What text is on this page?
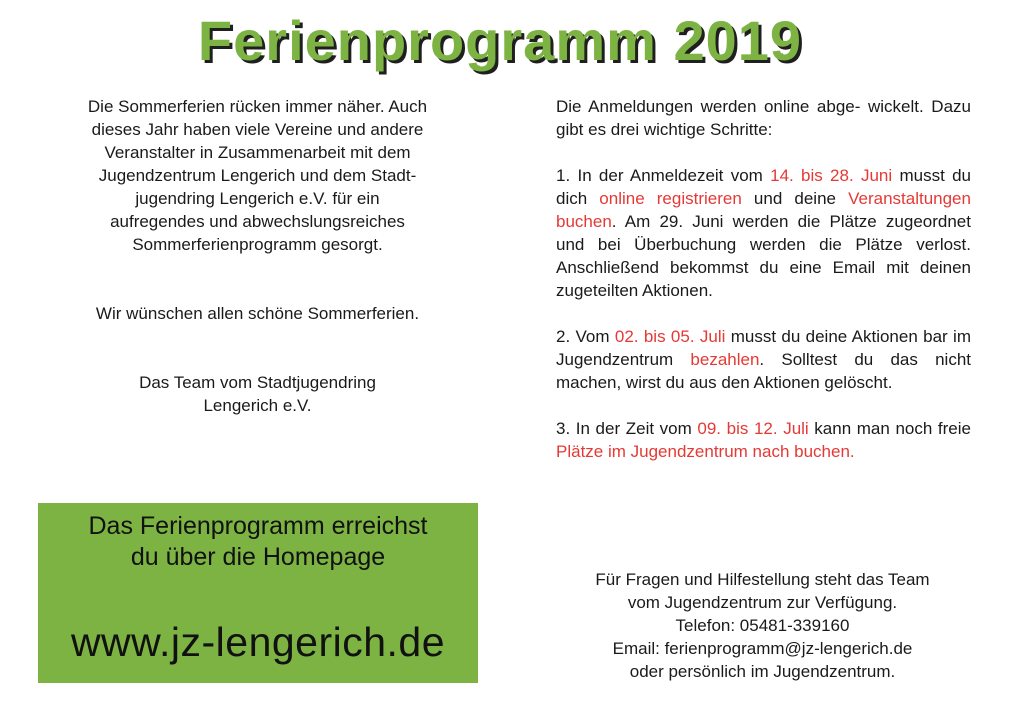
Ferienprogramm 2019

Die Sommerferien rücken immer näher. Auch
dieses Jahr haben viele Vereine und andere
Veranstalter in Zusammenarbeit mit dem
Jugendzentrum Lengerich und dem Stadt-
jugendring Lengerich e.V. für ein
aufregendes und abwechslungsreiches
Sommerferienprogramm gesorgt.

Wir wünschen allen schöne Sommerferien.

Das Team vom Stadtjugendring
Lengerich e.V.

Das Ferienprogramm erreichst
du über die Homepage
www.jz-lengerich.de

Die Anmeldungen werden online abge- wickelt. Dazu gibt es drei wichtige Schritte:

1. In der Anmeldezeit vom 14. bis 28. Juni musst du dich online registrieren und deine Veranstaltungen buchen. Am 29. Juni werden die Plätze zugeordnet und bei Überbuchung werden die Plätze verlost. Anschließend bekommst du eine Email mit deinen zugeteilten Aktionen.

2. Vom 02. bis 05. Juli musst du deine Aktionen bar im Jugendzentrum bezahlen. Solltest du das nicht machen, wirst du aus den Aktionen gelöscht.

3. In der Zeit vom 09. bis 12. Juli kann man noch freie Plätze im Jugendzentrum nach buchen.

Für Fragen und Hilfestellung steht das Team
vom Jugendzentrum zur Verfügung.
Telefon: 05481-339160
Email: ferienprogramm@jz-lengerich.de
oder persönlich im Jugendzentrum.
